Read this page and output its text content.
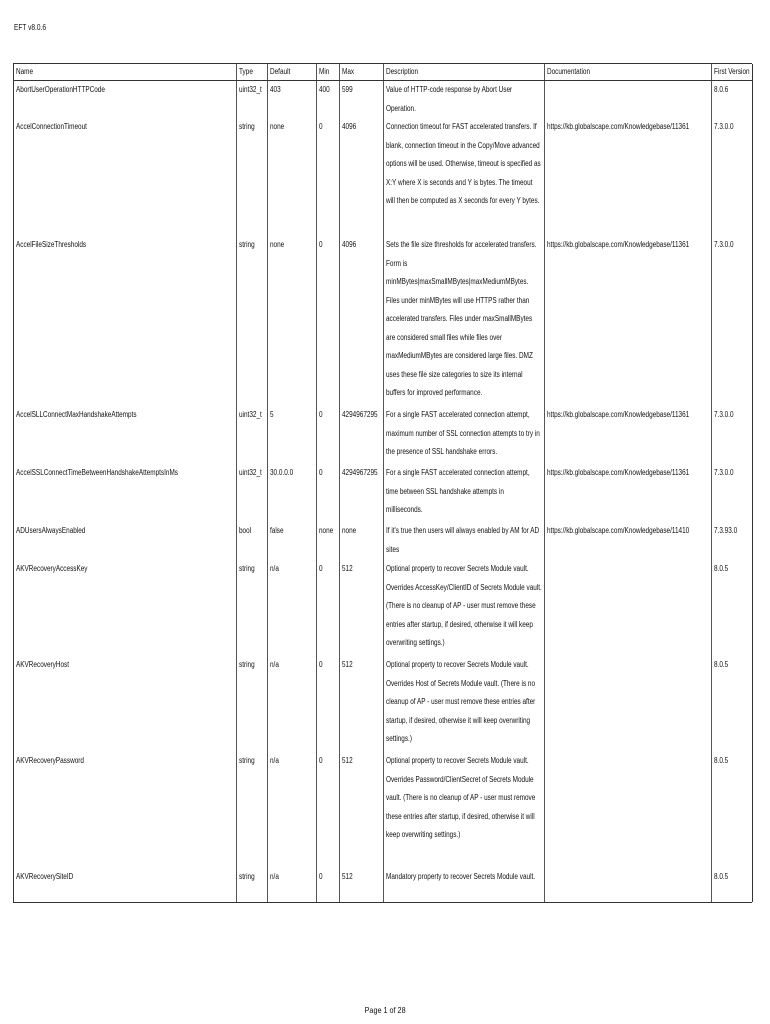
EFT v8.0.6
Name	Type	Default	Min	Max	Description	Documentation	First Version
AbortUserOperationHTTPCode	uint32_t	403	400	599	Value of HTTP-code response by Abort User Operation.		8.0.6
AccelConnectionTimeout	string	none	0	4096	Connection timeout for FAST accelerated transfers. If blank, connection timeout in the Copy/Move advanced options will be used. Otherwise, timeout is specified as X:Y where X is seconds and Y is bytes. The timeout will then be computed as X seconds for every Y bytes.	https://kb.globalscape.com/Knowledgebase/11361	7.3.0.0
AccelFileSizeThresholds	string	none	0	4096	Sets the file size thresholds for accelerated transfers. Form is minMBytes|maxSmallMBytes|maxMediumMBytes. Files under minMBytes will use HTTPS rather than accelerated transfers. Files under maxSmallMBytes are considered small files while files over maxMediumMBytes are considered large files. DMZ uses these file size categories to size its internal buffers for improved performance.	https://kb.globalscape.com/Knowledgebase/11361	7.3.0.0
AccelSLLConnectMaxHandshakeAttempts	uint32_t	5	0	4294967295	For a single FAST accelerated connection attempt, maximum number of SSL connection attempts to try in the presence of SSL handshake errors.	https://kb.globalscape.com/Knowledgebase/11361	7.3.0.0
AccelSSLConnectTimeBetweenHandshakeAttemptsInMs	uint32_t	30.0.0.0	0	4294967295	For a single FAST accelerated connection attempt, time between SSL handshake attempts in milliseconds.	https://kb.globalscape.com/Knowledgebase/11361	7.3.0.0
ADUsersAlwaysEnabled	bool	false	none	none	If it's true then users will always enabled by AM for AD sites	https://kb.globalscape.com/Knowledgebase/11410	7.3.93.0
AKVRecoveryAccessKey	string	n/a	0	512	Optional property to recover Secrets Module vault. Overrides AccessKey/ClientID of Secrets Module vault. (There is no cleanup of AP - user must remove these entries after startup, if desired, otherwise it will keep overwriting settings.)		8.0.5
AKVRecoveryHost	string	n/a	0	512	Optional property to recover Secrets Module vault. Overrides Host of Secrets Module vault. (There is no cleanup of AP - user must remove these entries after startup, if desired, otherwise it will keep overwriting settings.)		8.0.5
AKVRecoveryPassword	string	n/a	0	512	Optional property to recover Secrets Module vault. Overrides Password/ClientSecret of Secrets Module vault. (There is no cleanup of AP - user must remove these entries after startup, if desired, otherwise it will keep overwriting settings.)		8.0.5
AKVRecoverySiteID	string	n/a	0	512	Mandatory property to recover Secrets Module vault.		8.0.5
Page 1 of 28
